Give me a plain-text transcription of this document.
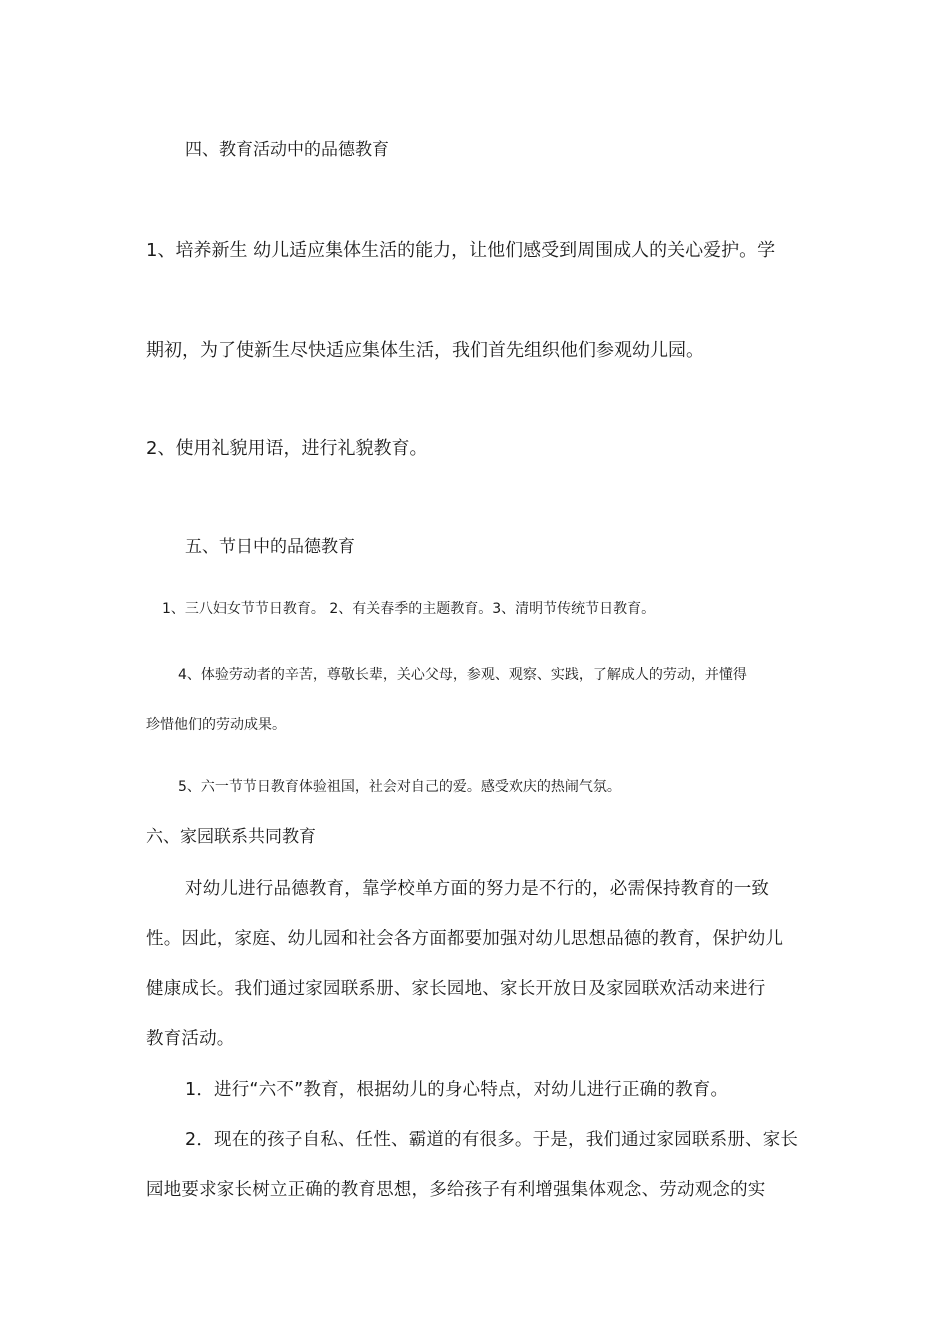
四、教育活动中的品德教育

1、培养新生 幼儿适应集体生活的能力，让他们感受到周围成人的关心爱护。学

期初，为了使新生尽快适应集体生活，我们首先组织他们参观幼儿园。

2、使用礼貌用语，进行礼貌教育。

五、节日中的品德教育

1、三八妇女节节日教育。 2、有关春季的主题教育。3、清明节传统节日教育。

4、体验劳动者的辛苦，尊敬长辈，关心父母，参观、观察、实践，了解成人的劳动，并懂得

珍惜他们的劳动成果。

5、六一节节日教育体验祖国，社会对自己的爱。感受欢庆的热闹气氛。

六、家园联系共同教育

对幼儿进行品德教育，靠学校单方面的努力是不行的，必需保持教育的一致

性。因此，家庭、幼儿园和社会各方面都要加强对幼儿思想品德的教育，保护幼儿

健康成长。我们通过家园联系册、家长园地、家长开放日及家园联欢活动来进行

教育活动。

1．进行“六不”教育，根据幼儿的身心特点，对幼儿进行正确的教育。

2．现在的孩子自私、任性、霸道的有很多。于是，我们通过家园联系册、家长

园地要求家长树立正确的教育思想，多给孩子有利增强集体观念、劳动观念的实
